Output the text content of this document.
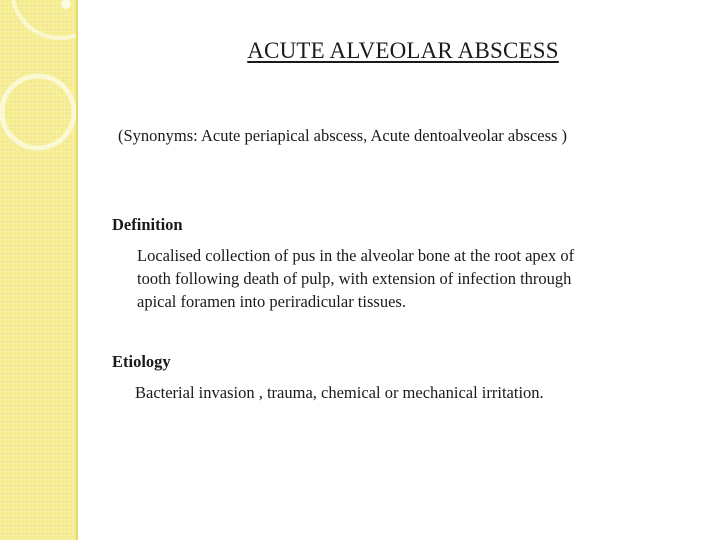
ACUTE ALVEOLAR ABSCESS
(Synonyms: Acute periapical abscess, Acute dentoalveolar abscess )
Definition
Localised collection of pus in the alveolar bone at the root apex of
tooth following death of pulp, with extension of infection through
apical foramen into periradicular tissues.
Etiology
Bacterial invasion , trauma, chemical or mechanical irritation.
